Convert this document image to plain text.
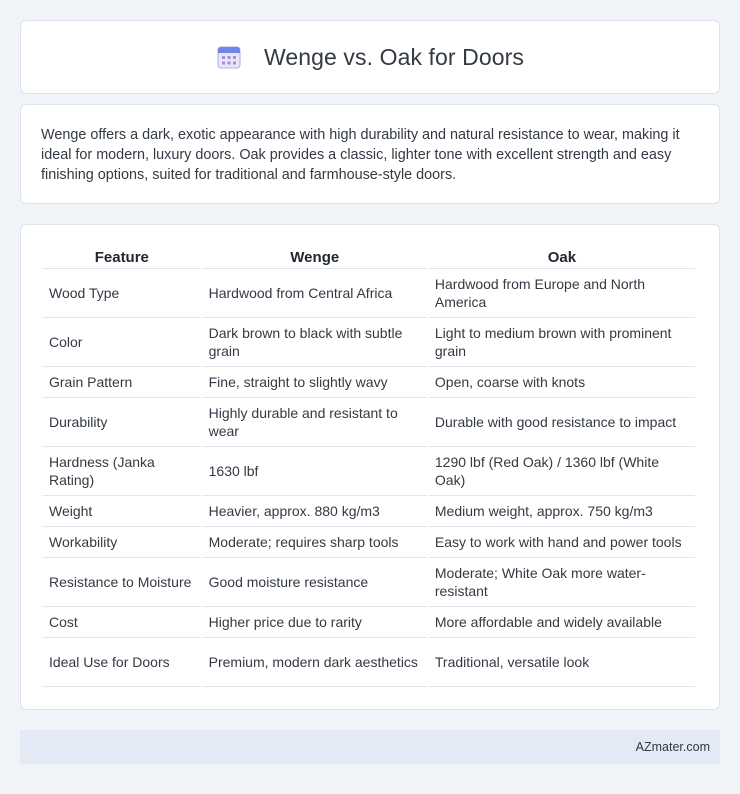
Wenge vs. Oak for Doors

Wenge offers a dark, exotic appearance with high durability and natural resistance to wear, making it ideal for modern, luxury doors. Oak provides a classic, lighter tone with excellent strength and easy finishing options, suited for traditional and farmhouse-style doors.

Feature	Wenge	Oak
Wood Type	Hardwood from Central Africa	Hardwood from Europe and North America
Color	Dark brown to black with subtle grain	Light to medium brown with prominent grain
Grain Pattern	Fine, straight to slightly wavy	Open, coarse with knots
Durability	Highly durable and resistant to wear	Durable with good resistance to impact
Hardness (Janka Rating)	1630 lbf	1290 lbf (Red Oak) / 1360 lbf (White Oak)
Weight	Heavier, approx. 880 kg/m3	Medium weight, approx. 750 kg/m3
Workability	Moderate; requires sharp tools	Easy to work with hand and power tools
Resistance to Moisture	Good moisture resistance	Moderate; White Oak more water-resistant
Cost	Higher price due to rarity	More affordable and widely available
Ideal Use for Doors	Premium, modern dark aesthetics	Traditional, versatile look
AZmater.com
